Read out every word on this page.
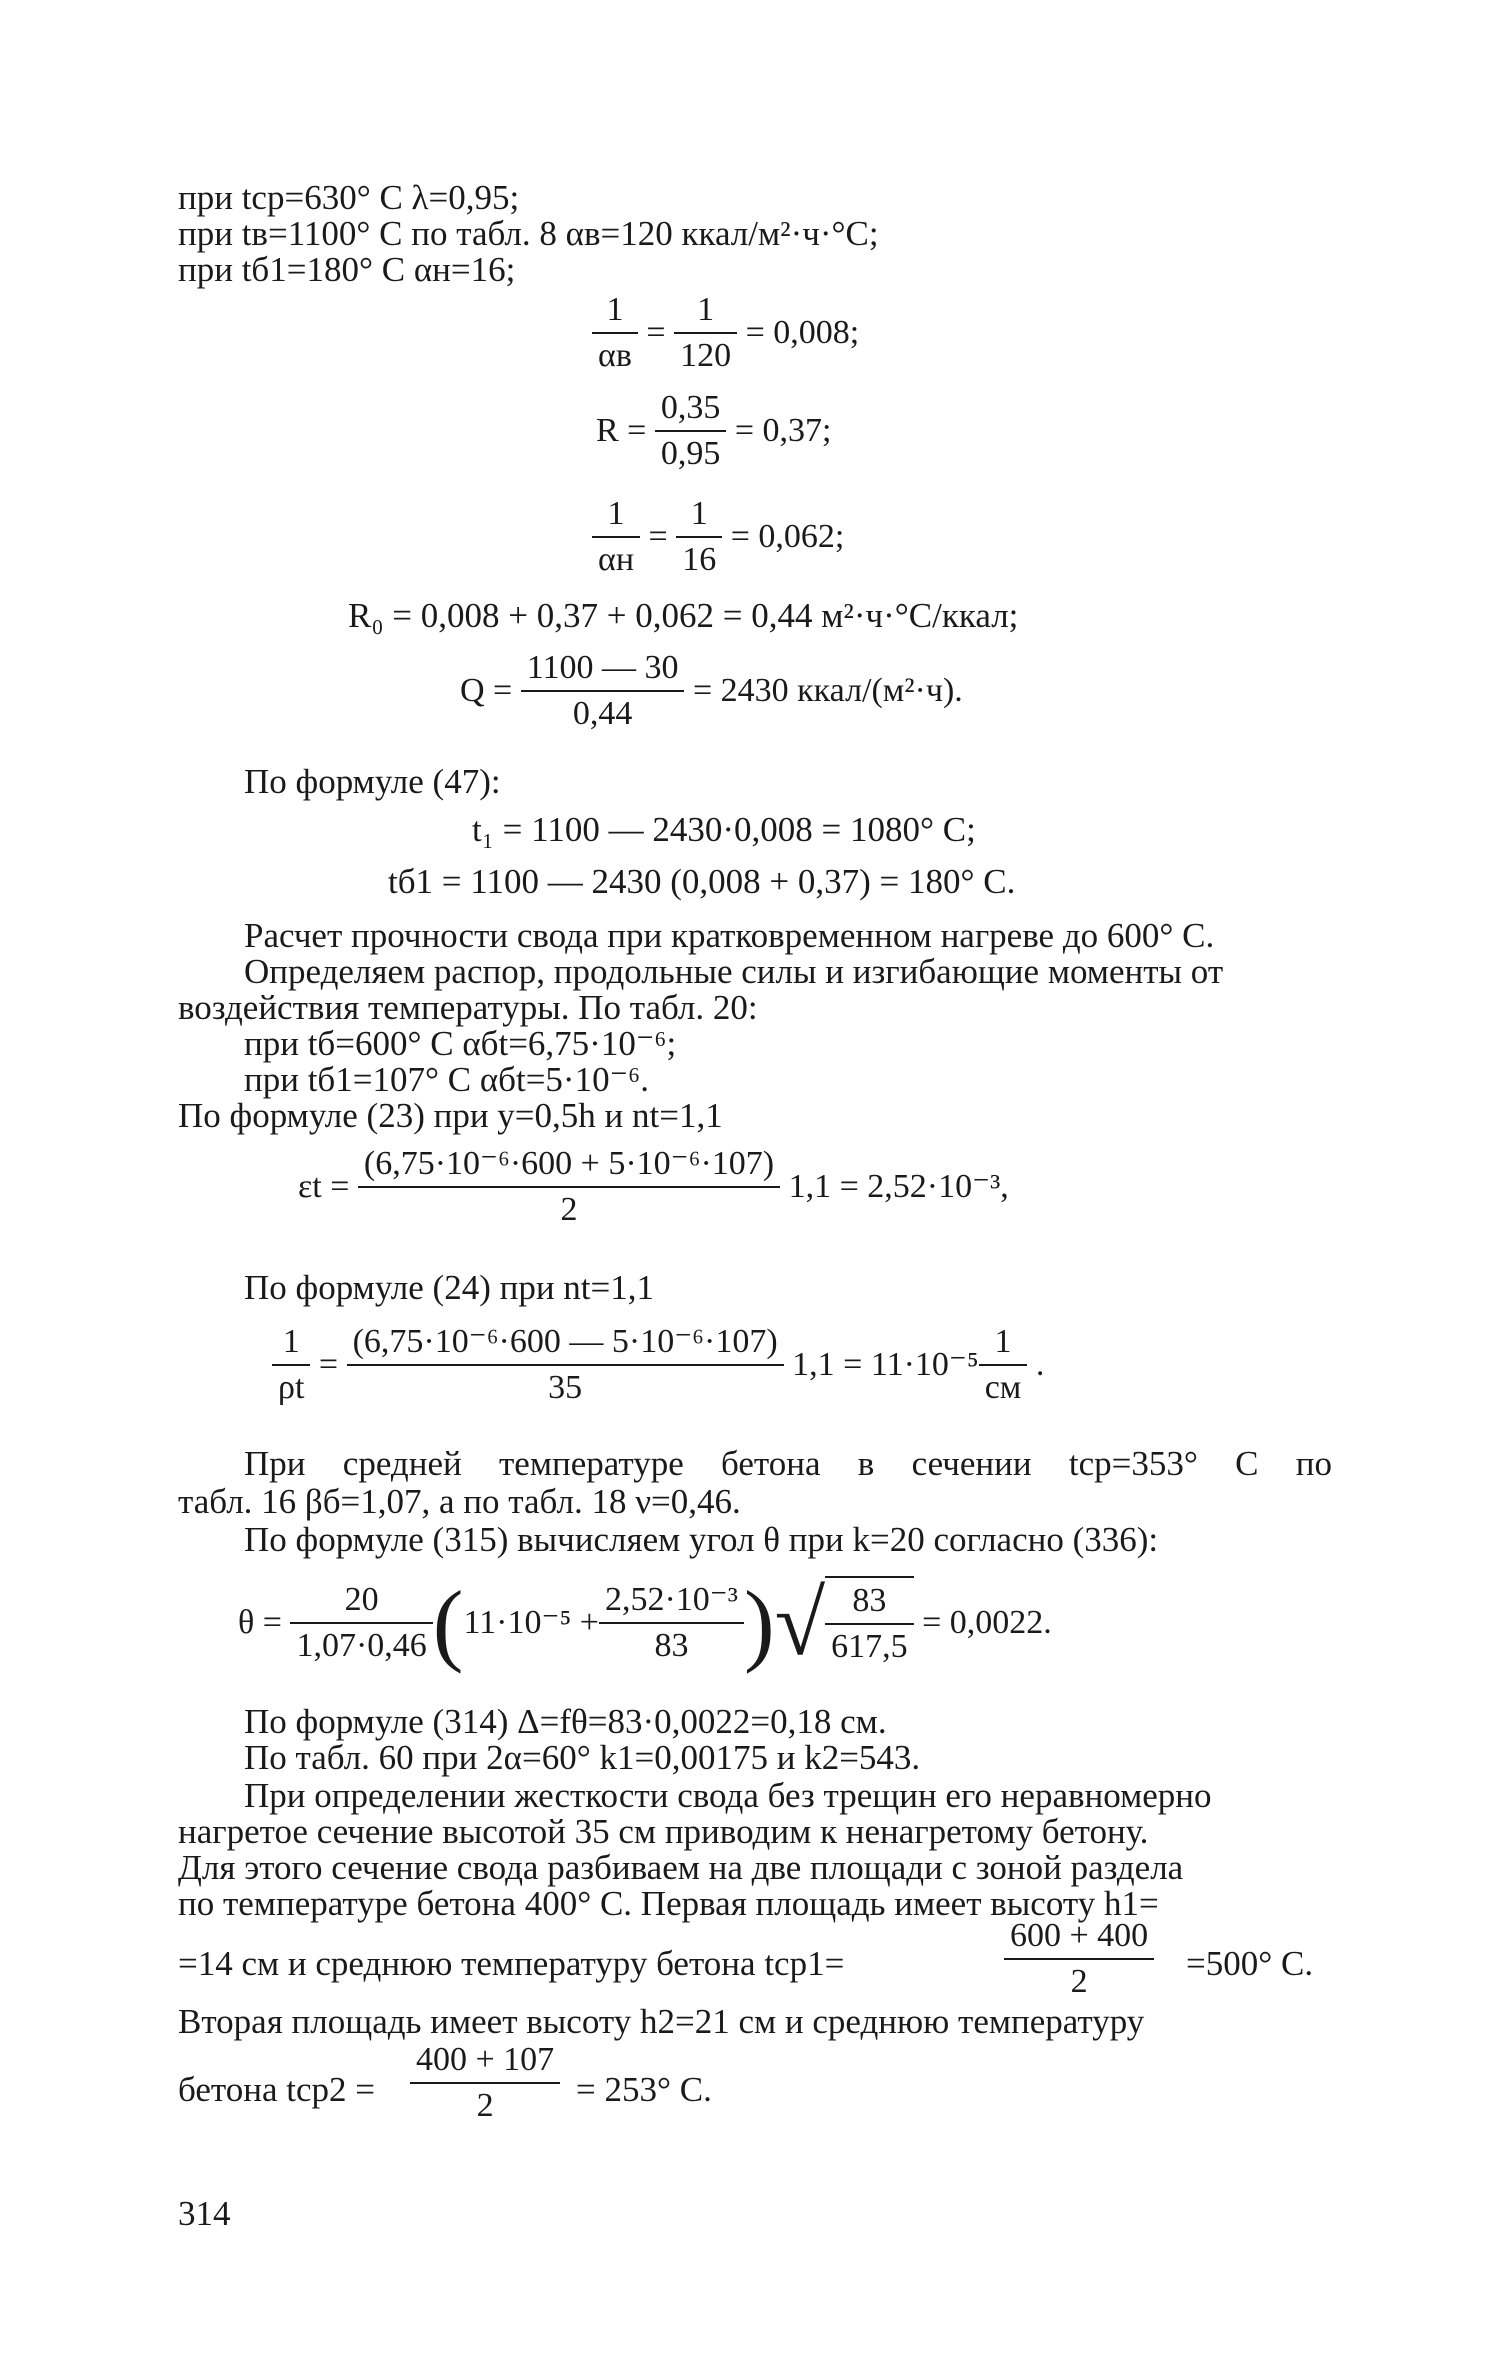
при tср=630° С λ=0,95;
при tв=1100° С по табл. 8 αв=120 ккал/м²·ч·°С;
при tб1=180° С αн=16;
$\frac{1}{\alpha в}$	=	$\frac{1}{120}$	= 0,008;
R =	$\frac{0,35}{0,95}$	= 0,37;
$\frac{1}{\alpha н}$	=	$\frac{1}{16}$	= 0,062;
R₀ = 0,008 + 0,37 + 0,062 = 0,44 м²·ч·°С/ккал;
Q =	$\frac{1100 — 30}{0,44}$	= 2430 ккал/(м²·ч).
По формуле (47):
t₁ = 1100 — 2430·0,008 = 1080° С;
tб1 = 1100 — 2430 (0,008 + 0,37) = 180° С.
Расчет прочности свода при кратковременном нагреве до 600° С.
Определяем распор, продольные силы и изгибающие моменты от
воздействия температуры. По табл. 20:
при tб=600° С αбt=6,75·10⁻⁶;
при tб1=107° С αбt=5·10⁻⁶.
По формуле (23) при y=0,5h и nt=1,1
εt =	$\frac{\text{(6,75·10⁻⁶·600 + 5·10⁻⁶·107)}}{2}$	1,1 = 2,52·10⁻³,
По формуле (24) при nt=1,1
$\frac{1}{\rho t}$	=	$\frac{\text{(6,75·10⁻⁶·600 — 5·10⁻⁶·107)}}{35}$	1,1 = 11·10⁻⁵	$\frac{1}{см}$	.
При средней температуре бетона в сечении tср=353° С по
табл. 16 βб=1,07, а по табл. 18 ν=0,46.
По формуле (315) вычисляем угол θ при k=20 согласно (336):
θ =	$\frac{20}{1,07\cdot 0,46}$	(	11·10⁻⁵ +	$\frac{\text{2,52·10⁻³}}{83}$	)	√	$\frac{83}{617,5}$	= 0,0022.
По формуле (314) Δ=fθ=83·0,0022=0,18 см.
По табл. 60 при 2α=60° k1=0,00175 и k2=543.
При определении жесткости свода без трещин его неравномерно
нагретое сечение высотой 35 см приводим к ненагретому бетону.
Для этого сечение свода разбиваем на две площади с зоной раздела
по температуре бетона 400° С. Первая площадь имеет высоту h1=
=14 см и среднюю температуру бетона tср1=	$\frac{600 + 400}{2} =500^\circ$ С.
Вторая площадь имеет высоту h2=21 см и среднюю температуру
бетона $tср2 = \frac{400 + 107}{2} = 253^\circ$ С.
314
